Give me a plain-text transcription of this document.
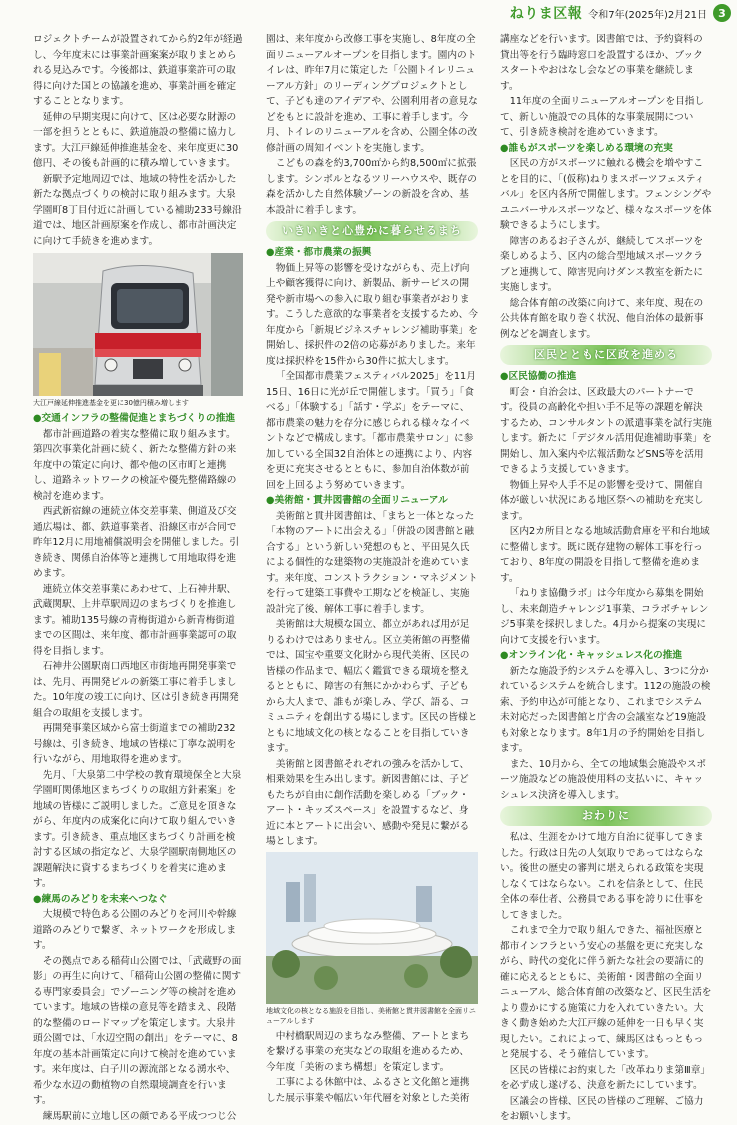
ねりま区報 令和7年(2025年)2月21日	3

ロジェクトチームが設置されてから約2年が経過し、今年度末には事業計画案案が取りまとめられる見込みです。今後都は、鉄道事業許可の取得に向けた国との協議を進め、事業計画を確定することとなります。

延伸の早期実現に向けて、区は必要な財源の一部を担うとともに、鉄道施設の整備に協力します。大江戸線延伸推進基金を、来年度更に30億円、その後も計画的に積み増していきます。

新駅予定地周辺では、地域の特性を活かした新たな拠点づくりの検討に取り組みます。大泉学園町8丁目付近に計画している補助233号線沿道では、地区計画原案を作成し、都市計画決定に向けて手続きを進めます。

大江戸線延伸推進基金を更に30億円積み増します

●交通インフラの整備促進とまちづくりの推進

都市計画道路の着実な整備に取り組みます。第四次事業化計画に続く、新たな整備方針の来年度中の策定に向け、都や他の区市町と連携し、道路ネットワークの検証や優先整備路線の検討を進めます。

西武新宿線の連続立体交差事業、側道及び交通広場は、都、鉄道事業者、沿線区市が合同で昨年12月に用地補償説明会を開催しました。引き続き、関係自治体等と連携して用地取得を進めます。

連続立体交差事業にあわせて、上石神井駅、武蔵関駅、上井草駅周辺のまちづくりを推進します。補助135号線の青梅街道から新青梅街道までの区間は、来年度、都市計画事業認可の取得を目指します。

石神井公園駅南口西地区市街地再開発事業では、先月、再開発ビルの新築工事に着手しました。10年度の竣工に向け、区は引き続き再開発組合の取組を支援します。

再開発事業区域から富士街道までの補助232号線は、引き続き、地域の皆様に丁寧な説明を行いながら、用地取得を進めます。

先月、「大泉第二中学校の教育環境保全と大泉学園町関係地区まちづくりの取組方針素案」を地域の皆様にご説明しました。ご意見を頂きながら、年度内の成案化に向けて取り組んでいきます。引き続き、重点地区まちづくり計画を検討する区域の指定など、大泉学園駅南側地区の課題解決に資するまちづくりを着実に進めます。

●練馬のみどりを未来へつなぐ

大規模で特色ある公園のみどりを河川や幹線道路のみどりで繋ぎ、ネットワークを形成します。

その拠点である稲荷山公園では、「武蔵野の面影」の再生に向けて、「稲荷山公園の整備に関する専門家委員会」でゾーニング等の検討を進めています。地域の皆様の意見等を踏まえ、段階的な整備のロードマップを策定します。大泉井頭公園では、「水辺空間の創出」をテーマに、8年度の基本計画策定に向けて検討を進めています。来年度は、白子川の源流部となる湧水や、希少な水辺の動植物の自然環境調査を行います。

練馬駅前に立地し区の顔である平成つつじ公

園は、来年度から改修工事を実施し、8年度の全面リニューアルオープンを目指します。園内のトイレは、昨年7月に策定した「公園トイレリニューアル方針」のリーディングプロジェクトとして、子ども達のアイデアや、公園利用者の意見などをもとに設計を進め、工事に着手します。今月、トイレのリニューアルを含め、公園全体の改修計画の周知イベントを実施します。

こどもの森を約3,700㎡から約8,500㎡に拡張します。シンボルとなるツリーハウスや、既存の森を活かした自然体験ゾーンの新設を含め、基本設計に着手します。

いきいきと心豊かに暮らせるまち

●産業・都市農業の振興

物価上昇等の影響を受けながらも、売上げ向上や顧客獲得に向け、新製品、新サービスの開発や新市場への参入に取り組む事業者がおります。こうした意欲的な事業者を支援するため、今年度から「新規ビジネスチャレンジ補助事業」を開始し、採択件の2倍の応募がありました。来年度は採択枠を15件から30件に拡大します。

「全国都市農業フェスティバル2025」を11月15日、16日に光が丘で開催します。「買う」「食べる」「体験する」「話す・学ぶ」をテーマに、都市農業の魅力を存分に感じられる様々なイベントなどで構成します。「都市農業サロン」に参加している全国32自治体との連携により、内容を更に充実させるとともに、参加自治体数が前回を上回るよう努めていきます。

●美術館・貫井図書館の全面リニューアル

美術館と貫井図書館は、「まちと一体となった「本物のアートに出会える」「併設の図書館と融合する」という新しい発想のもと、平田晃久氏による個性的な建築物の実施設計を進めています。来年度、コンストラクション・マネジメントを行って建築工事費や工期などを検証し、実施設計完了後、解体工事に着手します。

美術館は大規模な国立、都立があれば用が足りるわけではありません。区立美術館の再整備では、国宝や重要文化財から現代美術、区民の皆様の作品まで、幅広く鑑賞できる環境を整えるとともに、障害の有無にかかわらず、子どもから大人まで、誰もが楽しみ、学び、語る、コミュニティを創出する場にします。区民の皆様とともに地域文化の核となることを目指していきます。

美術館と図書館それぞれの強みを活かして、相乗効果を生み出します。新図書館には、子どもたちが自由に創作活動を楽しめる「ブック・アート・キッズスペース」を設置するなど、身近に本とアートに出会い、感動や発見に繋がる場とします。

地域文化の核となる施設を目指し、美術館と貫井図書館を全面リニューアルします

中村橋駅周辺のまちなみ整備、アートとまちを繋げる事業の充実などの取組を進めるため、今年度「美術のまち構想」を策定します。

工事による休館中は、ふるさと文化館と連携した展示事業や幅広い年代層を対象とした美術

講座などを行います。図書館では、予約資料の貸出等を行う臨時窓口を設置するほか、ブックスタートやおはなし会などの事業を継続します。

11年度の全面リニューアルオープンを目指して、新しい施設での具体的な事業展開について、引き続き検討を進めていきます。

●誰もがスポーツを楽しめる環境の充実

区民の方がスポーツに触れる機会を増やすことを目的に、「(仮称)ねりまスポーツフェスティバル」を区内各所で開催します。フェンシングやユニバーサルスポーツなど、様々なスポーツを体験できるようにします。

障害のあるお子さんが、継続してスポーツを楽しめるよう、区内の総合型地域スポーツクラブと連携して、障害児向けダンス教室を新たに実施します。

総合体育館の改築に向けて、来年度、現在の公共体育館を取り巻く状況、他自治体の最新事例などを調査します。

区民とともに区政を進める

●区民協働の推進

町会・自治会は、区政最大のパートナーです。役員の高齢化や担い手不足等の課題を解決するため、コンサルタントの派遣事業を試行実施します。新たに「デジタル活用促進補助事業」を開始し、加入案内や広報活動などSNS等を活用できるよう支援していきます。

物価上昇や人手不足の影響を受けて、開催自体が厳しい状況にある地区祭への補助を充実します。

区内2カ所目となる地域活動倉庫を平和台地域に整備します。既に既存建物の解体工事を行っており、8年度の開設を目指して整備を進めます。

「ねりま協働ラボ」は今年度から募集を開始し、未来創造チャレンジ1事業、コラボチャレンジ5事業を採択しました。4月から提案の実現に向けて支援を行います。

●オンライン化・キャッシュレス化の推進

新たな施設予約システムを導入し、3つに分かれているシステムを統合します。112の施設の検索、予約申込が可能となり、これまでシステム未対応だった図書館と庁舎の会議室など19施設も対象となります。8年1月の予約開始を目指します。

また、10月から、全ての地域集会施設やスポーツ施設などの施設使用料の支払いに、キャッシュレス決済を導入します。

おわりに

私は、生涯をかけて地方自治に従事してきました。行政は日先の人気取りであってはならない。後世の歴史の審判に堪えられる政策を実現しなくてはならない。これを信条として、住民全体の奉仕者、公務員である事を誇りに仕事をしてきました。

これまで全力で取り組んできた、福祉医療と都市インフラという安心の基盤を更に充実しながら、時代の変化に伴う新たな社会の要請に的確に応えるとともに、美術館・図書館の全面リニューアル、総合体育館の改築など、区民生活をより豊かにする施策に力を入れていきたい。大きく動き始めた大江戸線の延伸を一日も早く実現したい。これによって、練馬区はもっともっと発展する、そう確信しています。

区民の皆様にお約束した「改革ねりま第Ⅲ章」を必ず成し遂げる、決意を新たにしています。

区議会の皆様、区民の皆様のご理解、ご協力をお願いします。
